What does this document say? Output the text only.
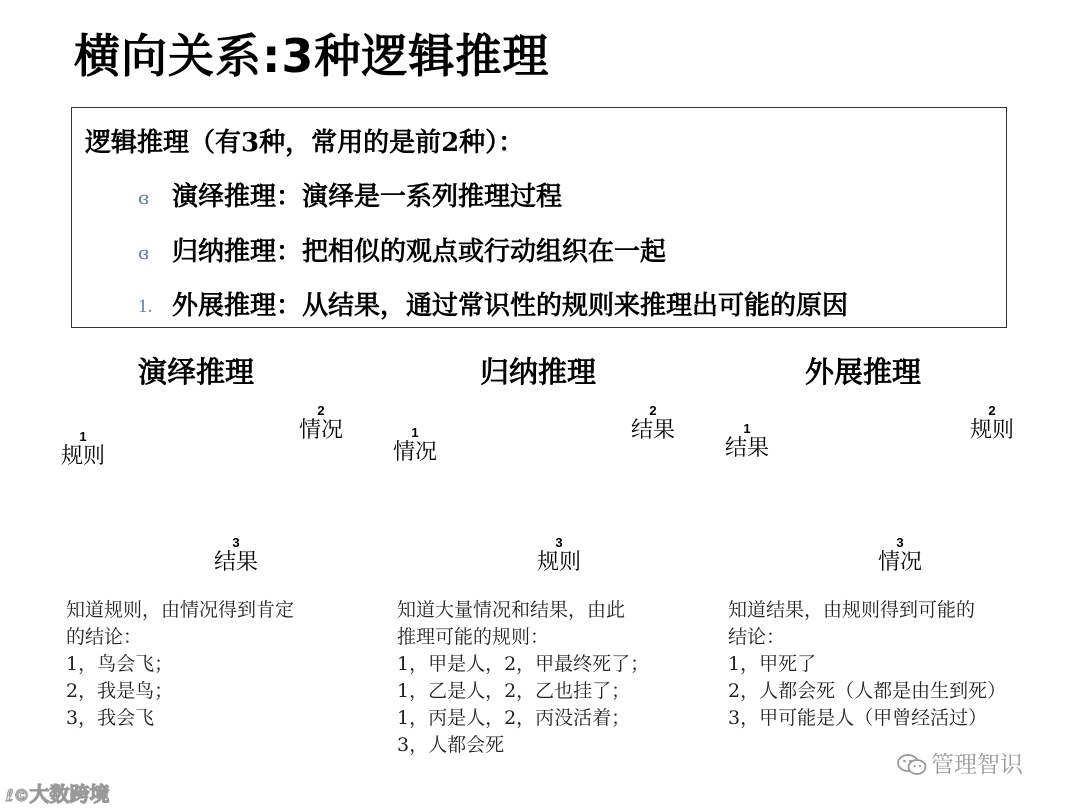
横向关系:3种逻辑推理
逻辑推理（有3种，常用的是前2种）：
ɞ 演绎推理：演绎是一系列推理过程
ɞ 归纳推理：把相似的观点或行动组织在一起
1. 外展推理：从结果，通过常识性的规则来推理出可能的原因
演绎推理
1
规则
2
情况
3
结果
知道规则，由情况得到肯定
的结论：
1，鸟会飞；
2，我是鸟；
3，我会飞
归纳推理
1
情况
2
结果
3
规则
知道大量情况和结果，由此
推理可能的规则：
1，甲是人，2，甲最终死了；
1，乙是人，2，乙也挂了；
1，丙是人，2，丙没活着；
3，人都会死
外展推理
1
结果
2
规则
3
情况
知道结果，由规则得到可能的
结论：
1，甲死了
2，人都会死（人都是由生到死）
3，甲可能是人（甲曾经活过）
ℓ©大数跨境
管理智识
